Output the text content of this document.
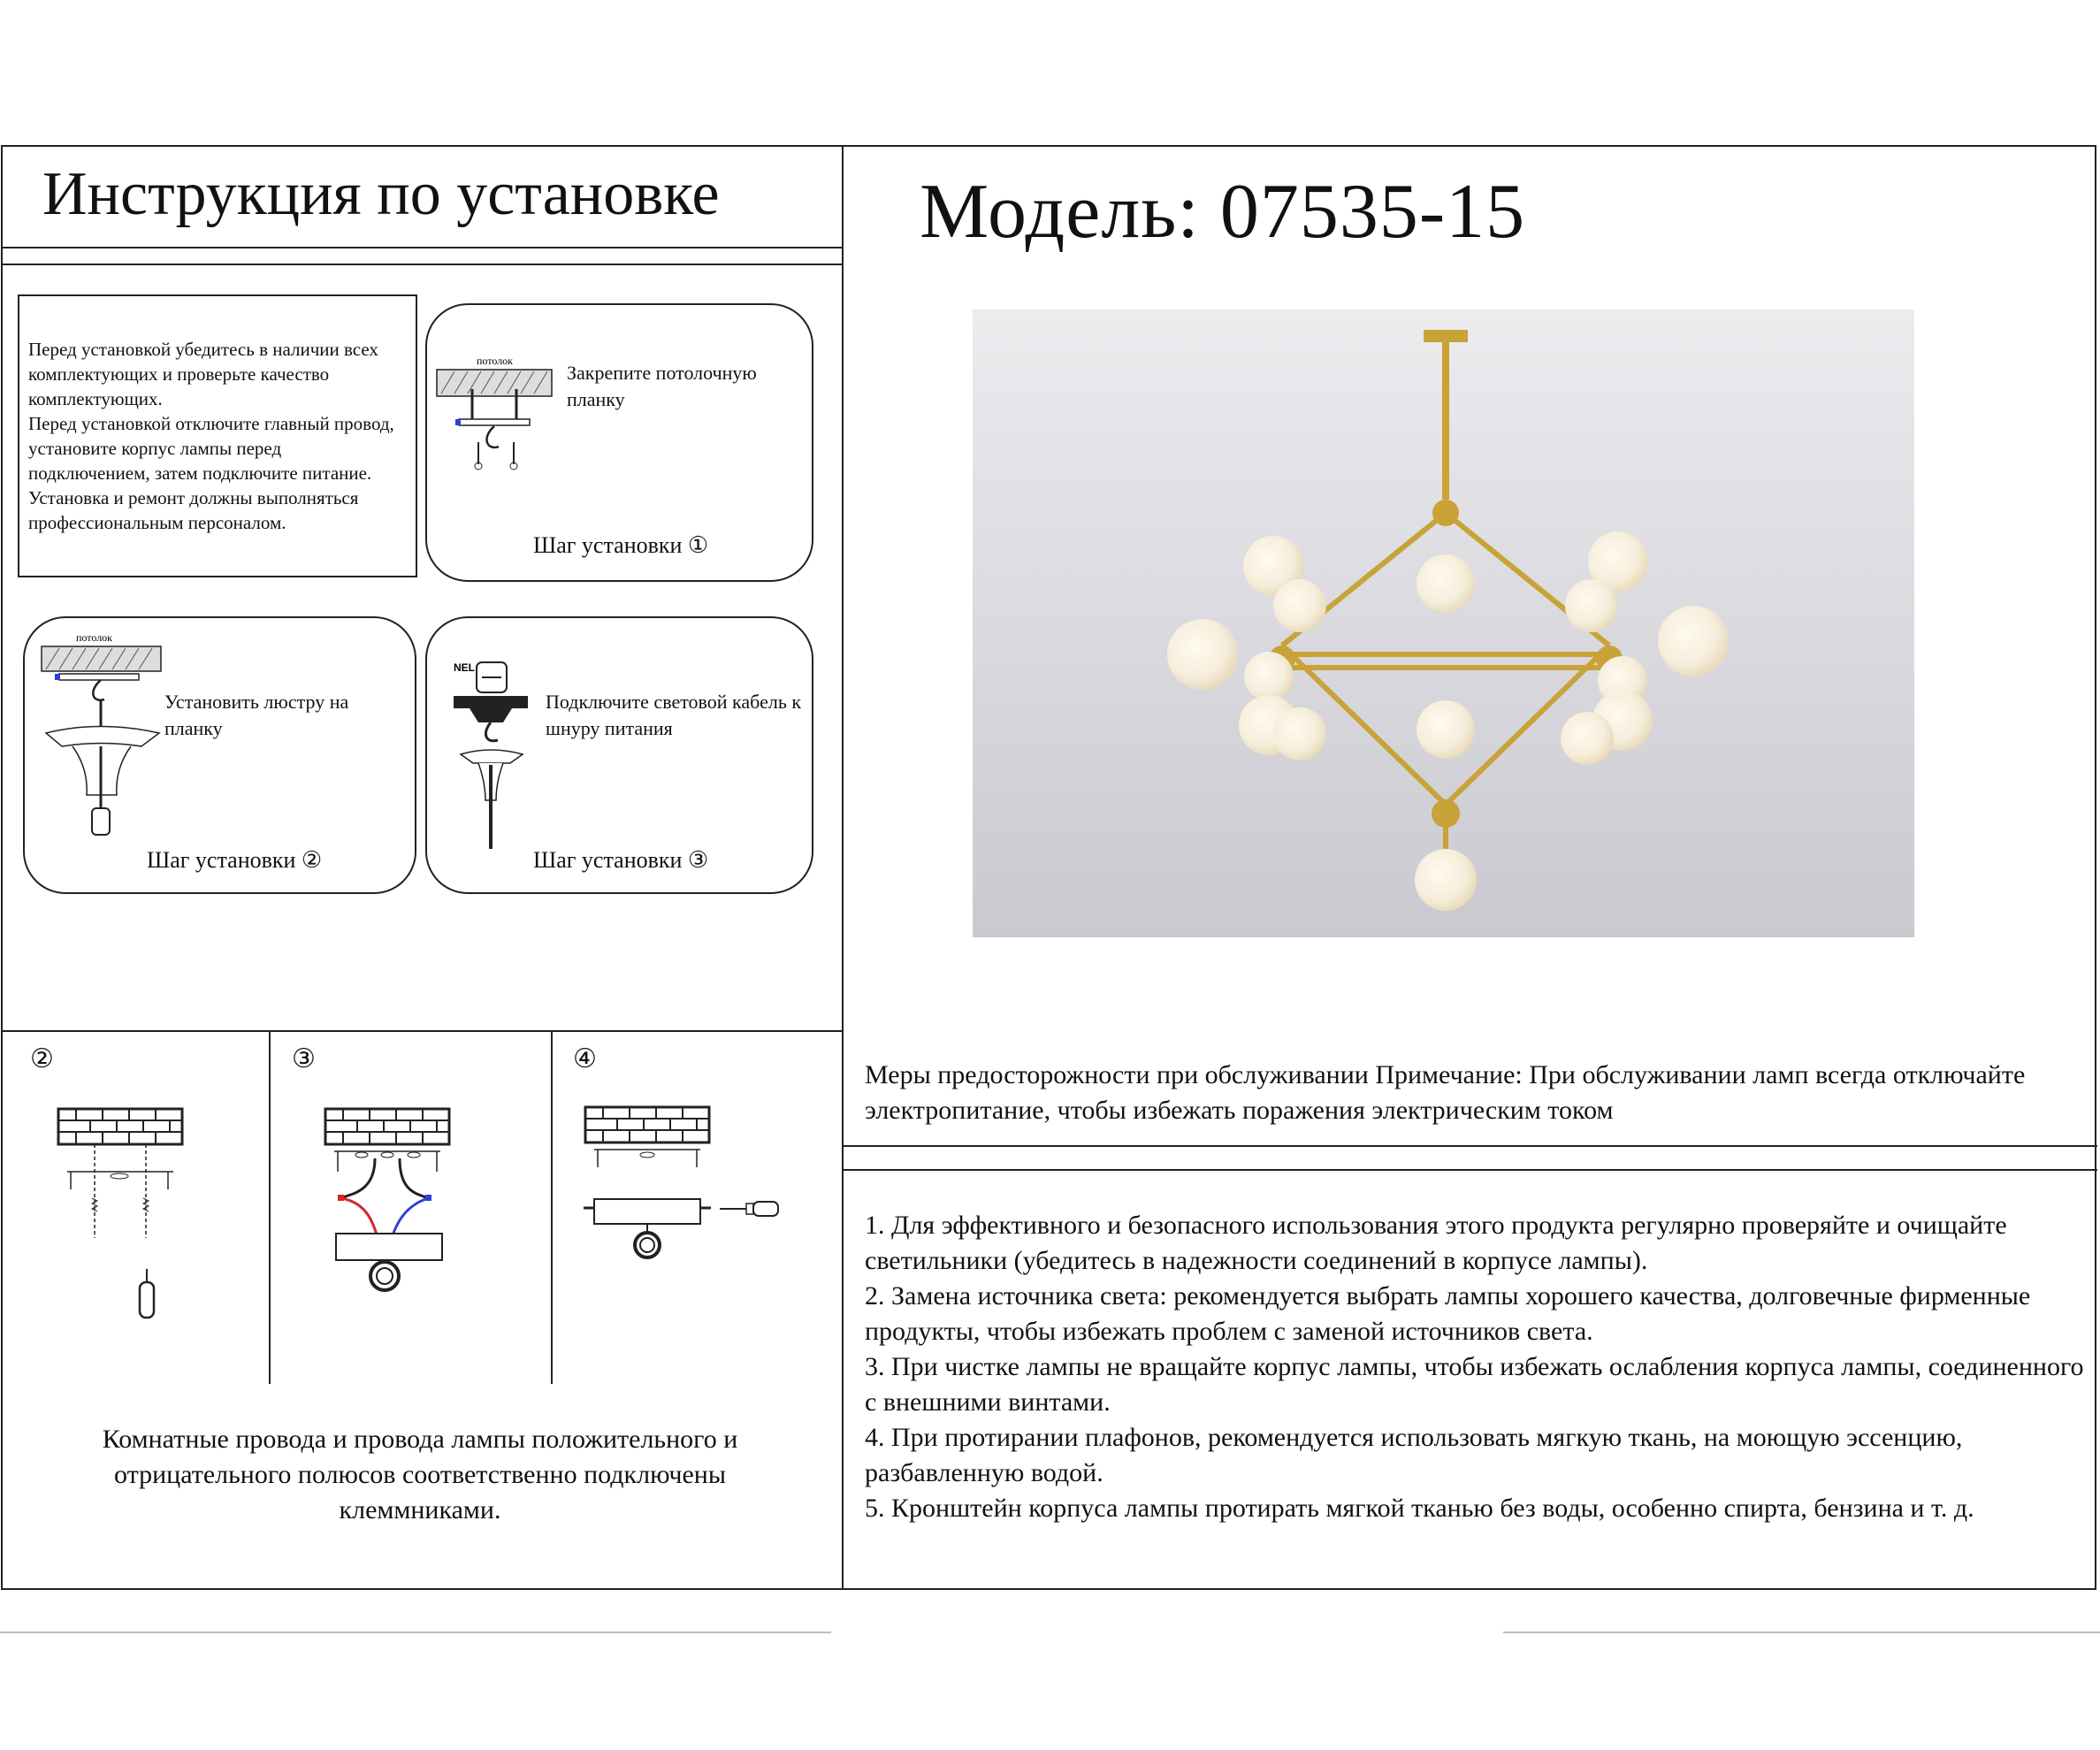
Инструкция по установке	Модель: 07535-15

Перед установкой убедитесь в наличии всех комплектующих и проверьте качество комплектующих.
Перед установкой отключите главный провод, установите корпус лампы перед подключением, затем подключите питание.
Установка и ремонт должны выполняться профессиональным персоналом.

потолок
Закрепите потолочную планку
Шаг установки ①
потолок
Установить люстру на планку
Шаг установки ②
NEL
Подключите световой кабель к шнуру питания
Шаг установки ③
②	③	④
Комнатные провода и провода лампы положительного и отрицательного полюсов соответственно подключены клеммниками.
Меры предосторожности при обслуживании Примечание: При обслуживании ламп всегда отключайте электропитание, чтобы избежать поражения электрическим током
1. Для эффективного и безопасного использования этого продукта регулярно проверяйте и очищайте светильники (убедитесь в надежности соединений в корпусе лампы).
2. Замена источника света: рекомендуется выбрать лампы хорошего качества, долговечные фирменные продукты, чтобы избежать проблем с заменой источников света.
3. При чистке лампы не вращайте корпус лампы, чтобы избежать ослабления корпуса лампы, соединенного с внешними винтами.
4. При протирании плафонов, рекомендуется использовать мягкую ткань, на моющую эссенцию, разбавленную водой.
5. Кронштейн корпуса лампы протирать мягкой тканью без воды, особенно спирта, бензина и т. д.
